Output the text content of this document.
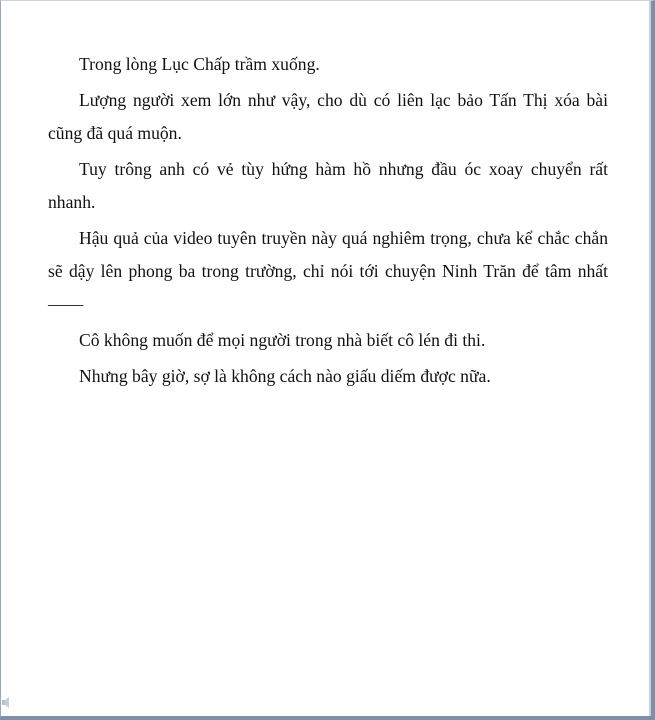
Trong lòng Lục Chấp trầm xuống.

Lượng người xem lớn như vậy, cho dù có liên lạc bảo Tấn Thị xóa bài cũng đã quá muộn.

Tuy trông anh có vẻ tùy hứng hàm hồ nhưng đầu óc xoay chuyển rất nhanh.

Hậu quả của video tuyên truyền này quá nghiêm trọng, chưa kể chắc chắn sẽ dậy lên phong ba trong trường, chỉ nói tới chuyện Ninh Trăn để tâm nhất ——

Cô không muốn để mọi người trong nhà biết cô lén đi thi.

Nhưng bây giờ, sợ là không cách nào giấu diếm được nữa.
